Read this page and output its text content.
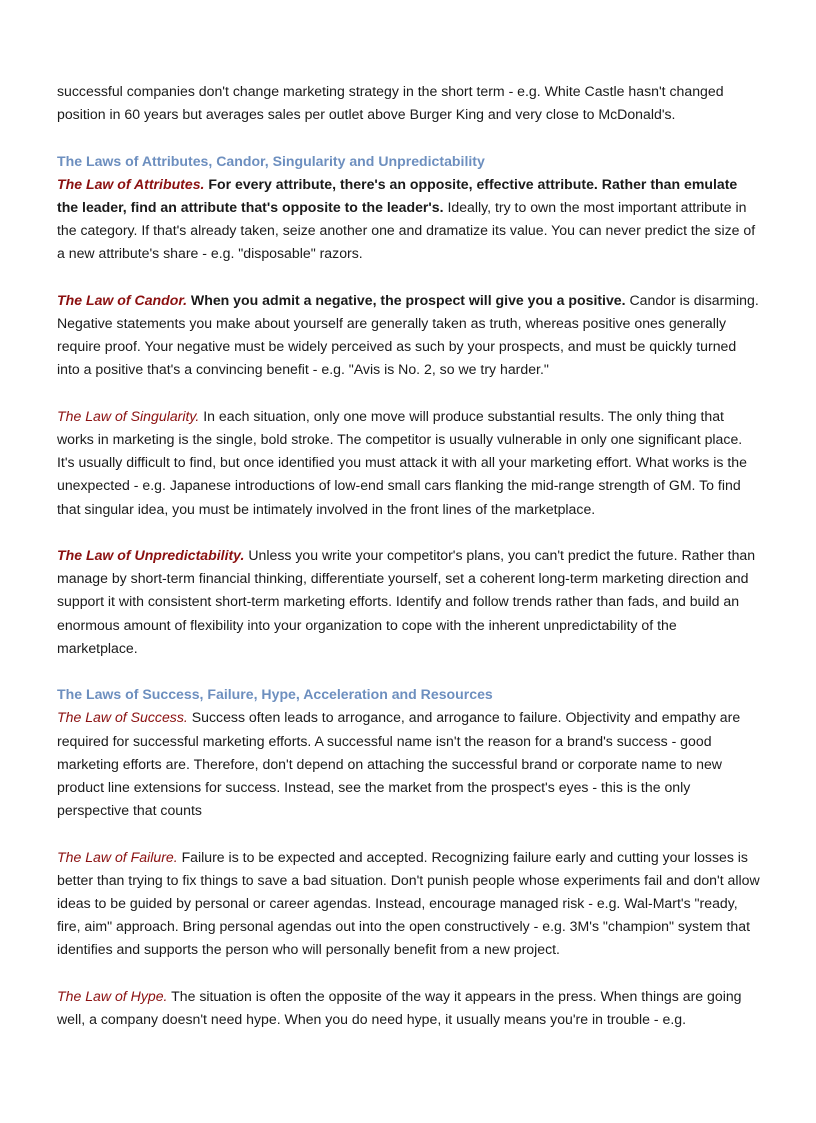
successful companies don't change marketing strategy in the short term - e.g. White Castle hasn't changed position in 60 years but averages sales per outlet above Burger King and very close to McDonald's.

The Laws of Attributes, Candor, Singularity and Unpredictability

The Law of Attributes. For every attribute, there's an opposite, effective attribute. Rather than emulate the leader, find an attribute that's opposite to the leader's. Ideally, try to own the most important attribute in the category. If that's already taken, seize another one and dramatize its value. You can never predict the size of a new attribute's share - e.g. "disposable" razors.

The Law of Candor. When you admit a negative, the prospect will give you a positive. Candor is disarming. Negative statements you make about yourself are generally taken as truth, whereas positive ones generally require proof. Your negative must be widely perceived as such by your prospects, and must be quickly turned into a positive that's a convincing benefit - e.g. "Avis is No. 2, so we try harder."

The Law of Singularity. In each situation, only one move will produce substantial results. The only thing that works in marketing is the single, bold stroke. The competitor is usually vulnerable in only one significant place. It's usually difficult to find, but once identified you must attack it with all your marketing effort. What works is the unexpected - e.g. Japanese introductions of low-end small cars flanking the mid-range strength of GM. To find that singular idea, you must be intimately involved in the front lines of the marketplace.

The Law of Unpredictability. Unless you write your competitor's plans, you can't predict the future. Rather than manage by short-term financial thinking, differentiate yourself, set a coherent long-term marketing direction and support it with consistent short-term marketing efforts. Identify and follow trends rather than fads, and build an enormous amount of flexibility into your organization to cope with the inherent unpredictability of the marketplace.

The Laws of Success, Failure, Hype, Acceleration and Resources

The Law of Success. Success often leads to arrogance, and arrogance to failure. Objectivity and empathy are required for successful marketing efforts. A successful name isn't the reason for a brand's success - good marketing efforts are. Therefore, don't depend on attaching the successful brand or corporate name to new product line extensions for success. Instead, see the market from the prospect's eyes - this is the only perspective that counts

The Law of Failure. Failure is to be expected and accepted. Recognizing failure early and cutting your losses is better than trying to fix things to save a bad situation. Don't punish people whose experiments fail and don't allow ideas to be guided by personal or career agendas. Instead, encourage managed risk - e.g. Wal-Mart's "ready, fire, aim" approach. Bring personal agendas out into the open constructively - e.g. 3M's "champion" system that identifies and supports the person who will personally benefit from a new project.

The Law of Hype. The situation is often the opposite of the way it appears in the press. When things are going well, a company doesn't need hype. When you do need hype, it usually means you're in trouble - e.g.
